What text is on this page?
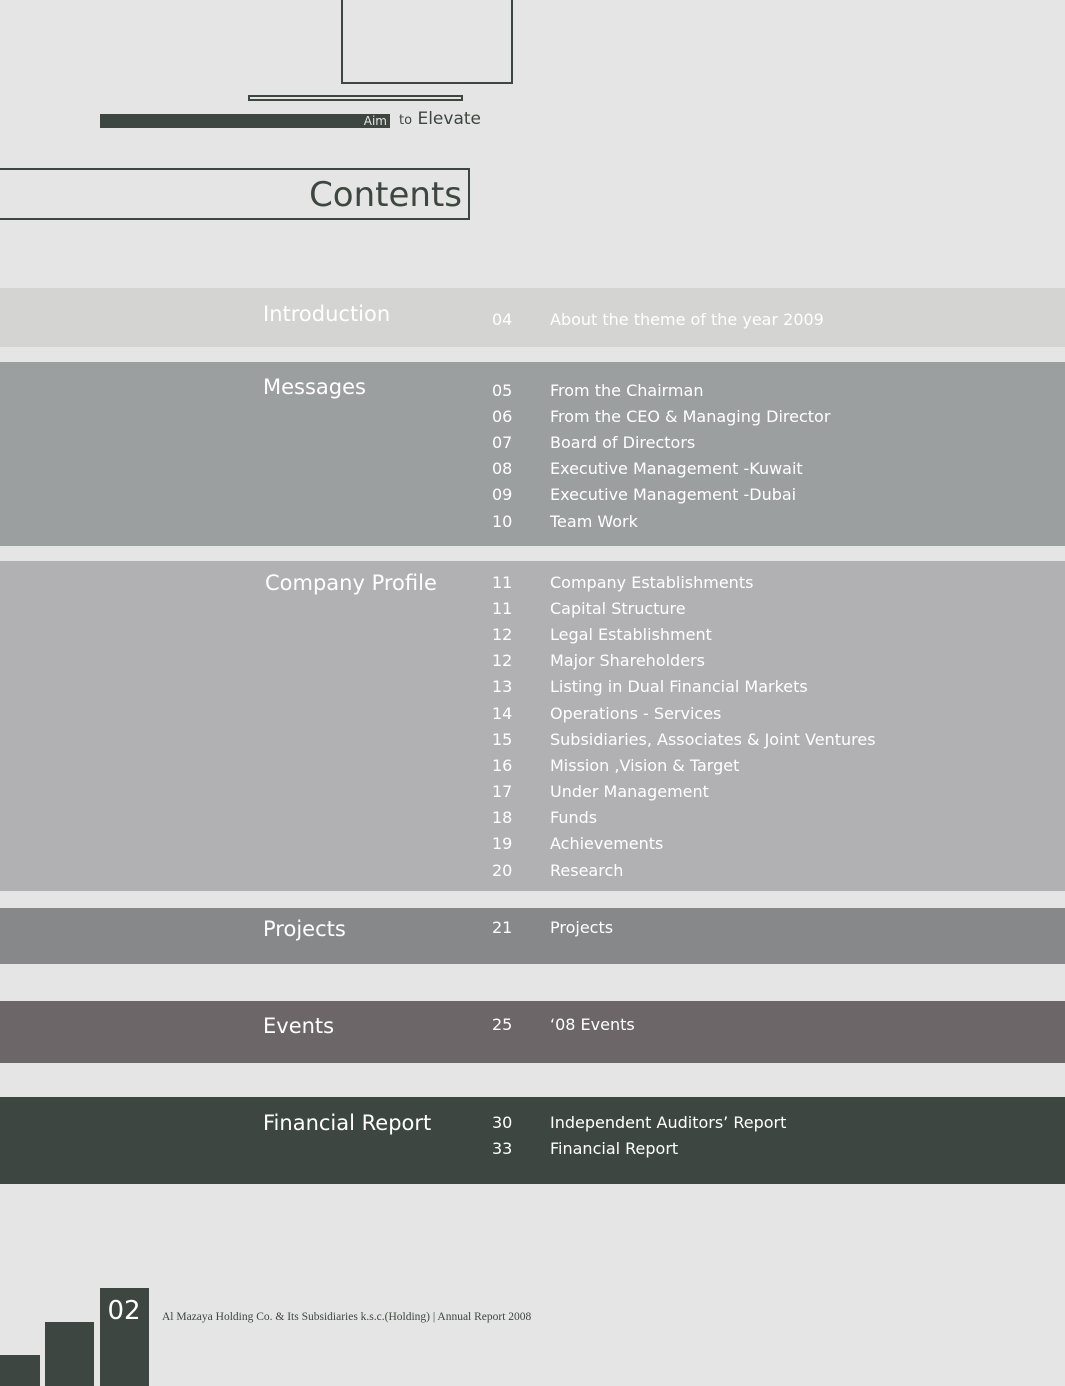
Aim to Elevate
Contents
Introduction	04	About the theme of the year 2009
Messages	05	From the Chairman
06	From the CEO & Managing Director
07	Board of Directors
08	Executive Management -Kuwait
09	Executive Management -Dubai
10	Team Work
Company Profile	11	Company Establishments
11	Capital Structure
12	Legal Establishment
12	Major Shareholders
13	Listing in Dual Financial Markets
14	Operations - Services
15	Subsidiaries, Associates & Joint Ventures
16	Mission ,Vision & Target
17	Under Management
18	Funds
19	Achievements
20	Research
Projects	21	Projects
Events	25	‘08 Events
Financial Report	30	Independent Auditors’ Report
33	Financial Report
02	Al Mazaya Holding Co. & Its Subsidiaries k.s.c.(Holding) | Annual Report 2008
